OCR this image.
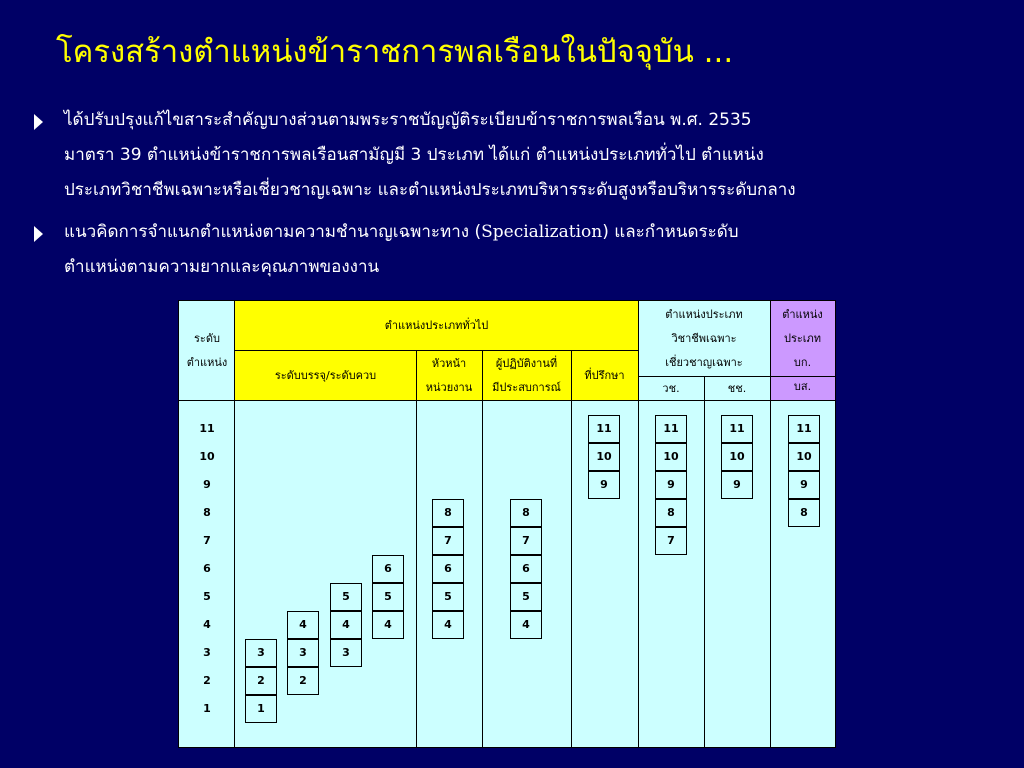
โครงสร้างตำแหน่งข้าราชการพลเรือนในปัจจุบัน ...
ได้ปรับปรุงแก้ไขสาระสำคัญบางส่วนตามพระราชบัญญัติระเบียบข้าราชการพลเรือน พ.ศ. 2535
มาตรา 39 ตำแหน่งข้าราชการพลเรือนสามัญมี 3 ประเภท ได้แก่ ตำแหน่งประเภททั่วไป ตำแหน่ง
ประเภทวิชาชีพเฉพาะหรือเชี่ยวชาญเฉพาะ และตำแหน่งประเภทบริหารระดับสูงหรือบริหารระดับกลาง
แนวคิดการจำแนกตำแหน่งตามความชำนาญเฉพาะทาง (Specialization) และกำหนดระดับ
ตำแหน่งตามความยากและคุณภาพของงาน
ตำแหน่งประเภททั่วไป
ระดับบรรจุ/ระดับควบ
หัวหน้า
หน่วยงาน
ผู้ปฏิบัติงานที่
มีประสบการณ์
ที่ปรึกษา
ระดับ
ตำแหน่ง
ตำแหน่งประเภท
วิชาชีพเฉพาะ
เชี่ยวชาญเฉพาะ
วช.	ชช.
ตำแหน่ง
ประเภท
บก.
บส.
11
10
9
8
7
6
5
4
3
2
1
3
2
1
4
3
2
5
4
3
6
5
4
8
7
6
5
4
8
7
6
5
4
11
10
9
11
10
9
8
7
11
10
9
11
10
9
8
